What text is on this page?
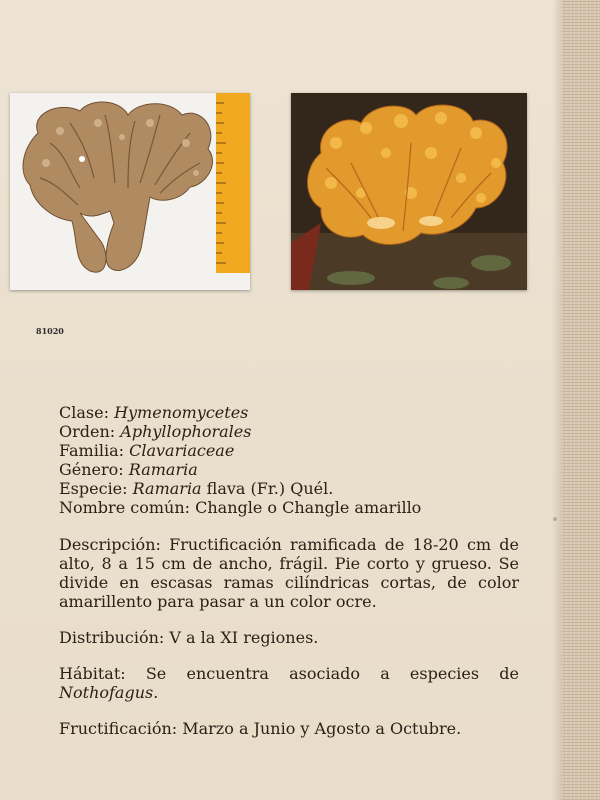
81020

Clase: Hymenomycetes

Orden: Aphyllophorales

Familia: Clavariaceae

Género: Ramaria

Especie: Ramaria flava (Fr.) Quél.

Nombre común: Changle o Changle amarillo

Descripción: Fructificación ramificada de 18-20 cm de alto, 8 a 15 cm de ancho, frágil. Pie corto y grueso. Se divide en escasas ramas cilíndricas cortas, de color amarillento para pasar a un color ocre.

Distribución: V a la XI regiones.

Hábitat: Se encuentra asociado a especies de Nothofagus.

Fructificación: Marzo a Junio y Agosto a Octubre.
